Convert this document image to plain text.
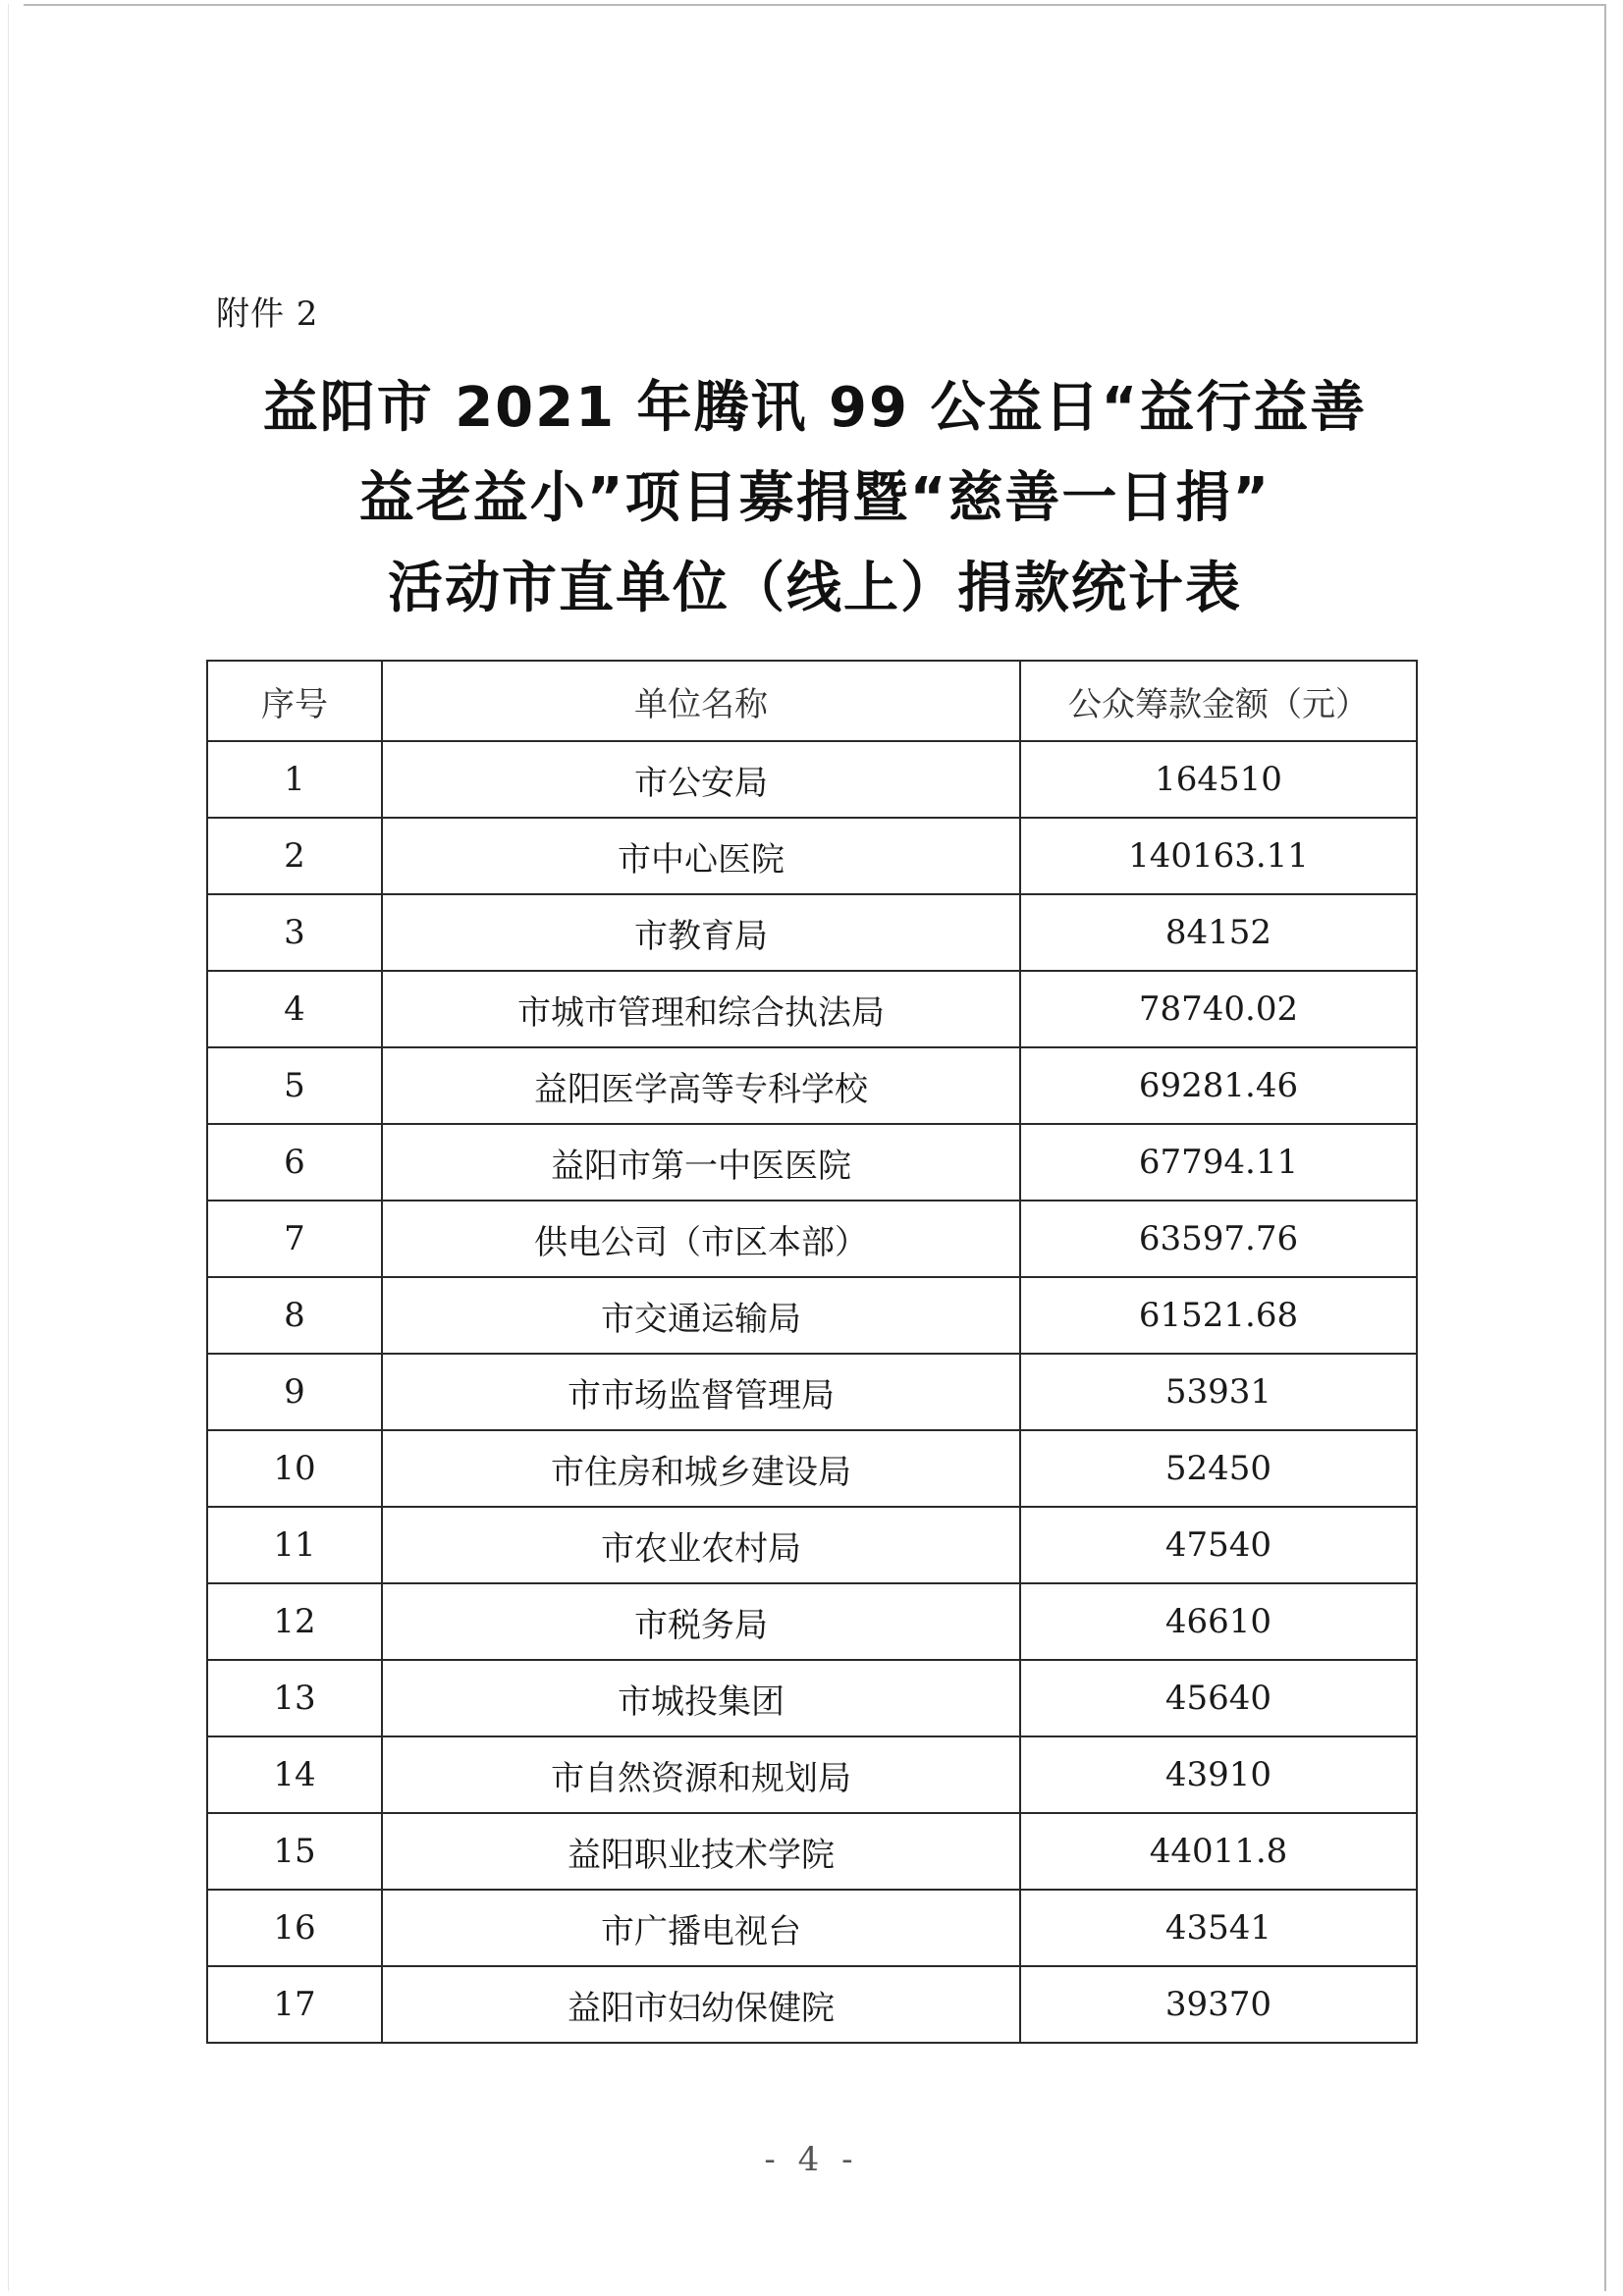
附件 2
益阳市 2021 年腾讯 99 公益日“益行益善
益老益小”项目募捐暨“慈善一日捐”
活动市直单位（线上）捐款统计表
序号	单位名称	公众筹款金额（元）
1	市公安局	164510
2	市中心医院	140163.11
3	市教育局	84152
4	市城市管理和综合执法局	78740.02
5	益阳医学高等专科学校	69281.46
6	益阳市第一中医医院	67794.11
7	供电公司（市区本部）	63597.76
8	市交通运输局	61521.68
9	市市场监督管理局	53931
10	市住房和城乡建设局	52450
11	市农业农村局	47540
12	市税务局	46610
13	市城投集团	45640
14	市自然资源和规划局	43910
15	益阳职业技术学院	44011.8
16	市广播电视台	43541
17	益阳市妇幼保健院	39370
- 4 -
